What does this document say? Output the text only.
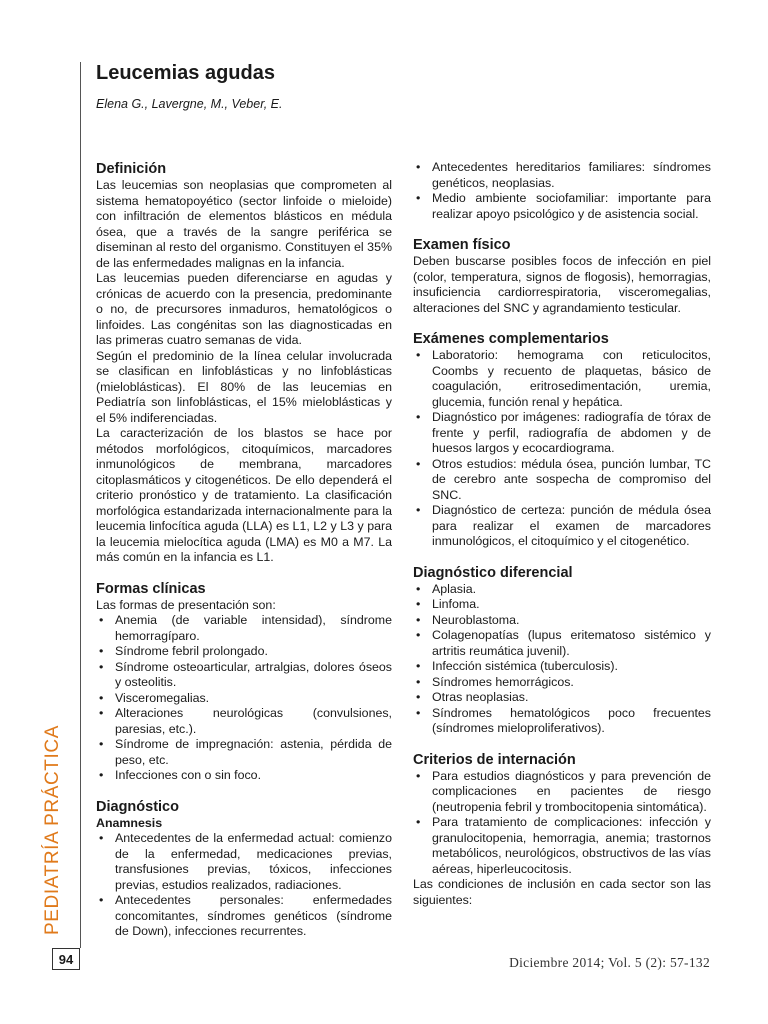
PEDIATRÍA PRÁCTICA
94	Diciembre 2014; Vol. 5 (2): 57-132
Leucemias agudas
Elena G., Lavergne, M., Veber, E.
Definición

Las leucemias son neoplasias que comprometen al sistema hematopoyético (sector linfoide o mieloide) con infiltración de elementos blásticos en médula ósea, que a través de la sangre periférica se diseminan al resto del organismo. Constituyen el 35% de las enfermedades malignas en la infancia.

Las leucemias pueden diferenciarse en agudas y crónicas de acuerdo con la presencia, predominante o no, de precursores inmaduros, hematológicos o linfoides. Las congénitas son las diagnosticadas en las primeras cuatro semanas de vida.

Según el predominio de la línea celular involucrada se clasifican en linfoblásticas y no linfoblásticas (mieloblásticas). El 80% de las leucemias en Pediatría son linfoblásticas, el 15% mieloblásticas y el 5% indiferenciadas.

La caracterización de los blastos se hace por métodos morfológicos, citoquímicos, marcadores inmunológicos de membrana, marcadores citoplasmáticos y citogenéticos. De ello dependerá el criterio pronóstico y de tratamiento. La clasificación morfológica estandarizada internacionalmente para la leucemia linfocítica aguda (LLA) es L1, L2 y L3 y para la leucemia mielocítica aguda (LMA) es M0 a M7. La más común en la infancia es L1.

Formas clínicas

Las formas de presentación son:

• Anemia (de variable intensidad), síndrome hemorragíparo.
• Síndrome febril prolongado.
• Síndrome osteoarticular, artralgias, dolores óseos y osteolitis.
• Visceromegalias.
• Alteraciones neurológicas (convulsiones, paresias, etc.).
• Síndrome de impregnación: astenia, pérdida de peso, etc.
• Infecciones con o sin foco.
Diagnóstico
Anamnesis
• Antecedentes de la enfermedad actual: comienzo de la enfermedad, medicaciones previas, transfusiones previas, tóxicos, infecciones previas, estudios realizados, radiaciones.
• Antecedentes personales: enfermedades concomitantes, síndromes genéticos (síndrome de Down), infecciones recurrentes.
• Antecedentes hereditarios familiares: síndromes genéticos, neoplasias.
• Medio ambiente sociofamiliar: importante para realizar apoyo psicológico y de asistencia social.
Examen físico

Deben buscarse posibles focos de infección en piel (color, temperatura, signos de flogosis), hemorragias, insuficiencia cardiorrespiratoria, visceromegalias, alteraciones del SNC y agrandamiento testicular.

Exámenes complementarios
• Laboratorio: hemograma con reticulocitos, Coombs y recuento de plaquetas, básico de coagulación, eritrosedimentación, uremia, glucemia, función renal y hepática.
• Diagnóstico por imágenes: radiografía de tórax de frente y perfil, radiografía de abdomen y de huesos largos y ecocardiograma.
• Otros estudios: médula ósea, punción lumbar, TC de cerebro ante sospecha de compromiso del SNC.
• Diagnóstico de certeza: punción de médula ósea para realizar el examen de marcadores inmunológicos, el citoquímico y el citogenético.
Diagnóstico diferencial
• Aplasia.
• Linfoma.
• Neuroblastoma.
• Colagenopatías (lupus eritematoso sistémico y artritis reumática juvenil).
• Infección sistémica (tuberculosis).
• Síndromes hemorrágicos.
• Otras neoplasias.
• Síndromes hematológicos poco frecuentes (síndromes mieloproliferativos).
Criterios de internación
• Para estudios diagnósticos y para prevención de complicaciones en pacientes de riesgo (neutropenia febril y trombocitopenia sintomática).
• Para tratamiento de complicaciones: infección y granulocitopenia, hemorragia, anemia; trastornos metabólicos, neurológicos, obstructivos de las vías aéreas, hiperleucocitosis.

Las condiciones de inclusión en cada sector son las siguientes:
